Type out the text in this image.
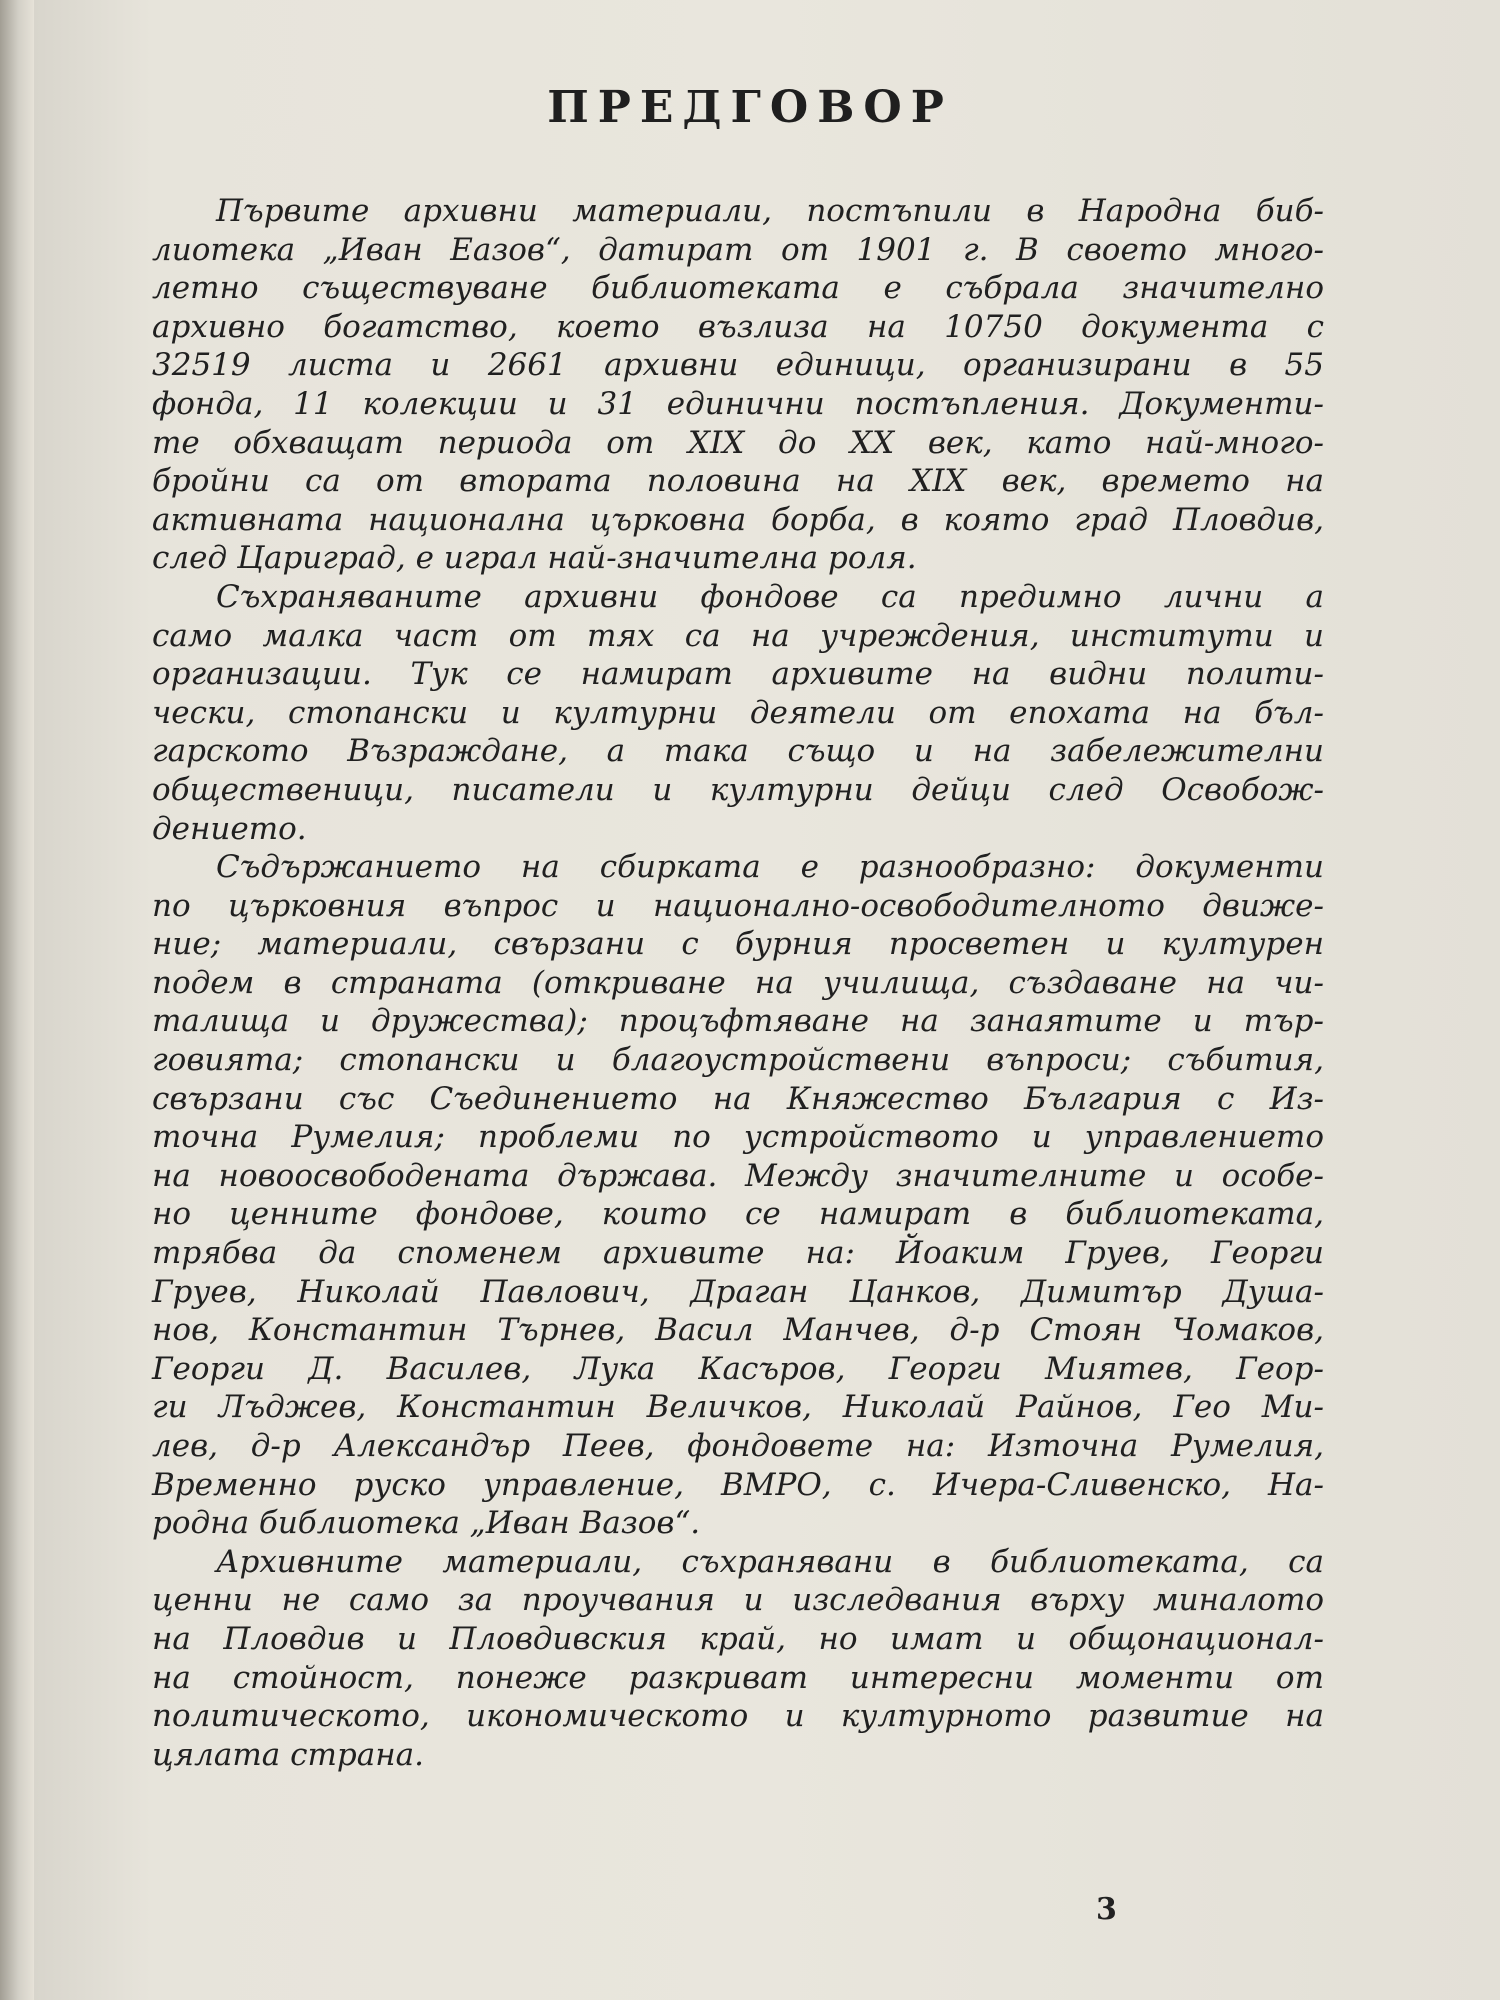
ПРЕДГОВОР
Първите архивни материали, постъпили в Народна биб-
лиотека „Иван Eазов“, датират от 1901 г. В своето много-
летно съществуване библиотеката е събрала значително
архивно богатство, което възлиза на 10750 документа с
32519 листа и 2661 архивни единици, организирани в 55
фонда, 11 колекции и 31 единични постъпления. Документи-
те обхващат периода от XIX до XX век, като най-много-
бройни са от втората половина на XIX век, времето на
активната национална църковна борба, в която град Пловдив,
след Цариград, е играл най-значителна роля.
Съхраняваните архивни фондове са предимно лични а
само малка част от тях са на учреждения, институти и
организации. Тук се намират архивите на видни полити-
чески, стопански и културни деятели от епохата на бъл-
гарското Възраждане, а така също и на забележителни
общественици, писатели и културни дейци след Освобож-
дението.
Съдържанието на сбирката е разнообразно: документи
по църковния въпрос и национално-освободителното движе-
ние; материали, свързани с бурния просветен и културен
подем в страната (откриване на училища, създаване на чи-
талища и дружества); процъфтяване на занаятите и тър-
говията; стопански и благоустройствени въпроси; събития,
свързани със Съединението на Княжество България с Из-
точна Румелия; проблеми по устройството и управлението
на новоосвободената държава. Между значителните и особе-
но ценните фондове, които се намират в библиотеката,
трябва да споменем архивите на: Йоаким Груев, Георги
Груев, Николай Павлович, Драган Цанков, Димитър Душа-
нов, Константин Търнев, Васил Манчев, д-р Стоян Чомаков,
Георги Д. Василев, Лука Касъров, Георги Миятев, Геор-
ги Лъджев, Константин Величков, Николай Райнов, Гео Ми-
лев, д-р Александър Пеев, фондовете на: Източна Румелия,
Временно руско управление, ВМРО, с. Ичера-Сливенско, На-
родна библиотека „Иван Вазов“.
Архивните материали, съхранявани в библиотеката, са
ценни не само за проучвания и изследвания върху миналото
на Пловдив и Пловдивския край, но имат и общонационал-
на стойност, понеже разкриват интересни моменти от
политическото, икономическото и културното развитие на
цялата страна.
3
